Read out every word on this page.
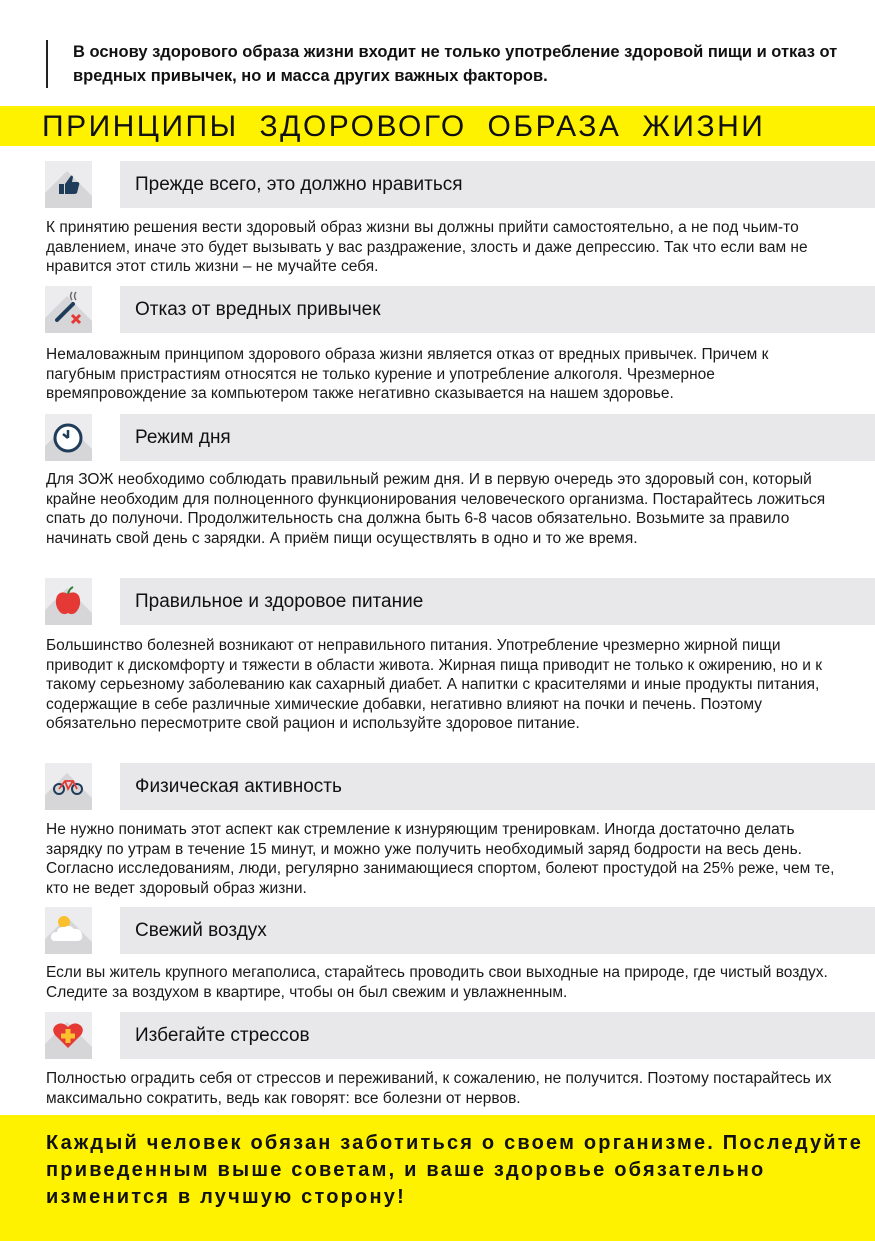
В основу здорового образа жизни входит не только употребление здоровой пищи и отказ от вредных привычек, но и масса других важных факторов.
ПРИНЦИПЫ ЗДОРОВОГО ОБРАЗА ЖИЗНИ
Прежде всего, это должно нравиться
К принятию решения вести здоровый образ жизни вы должны прийти самостоятельно, а не под чьим-то давлением, иначе это будет вызывать у вас раздражение, злость и даже депрессию. Так что если вам не нравится этот стиль жизни – не мучайте себя.
Отказ от вредных привычек
Немаловажным принципом здорового образа жизни является отказ от вредных привычек. Причем к пагубным пристрастиям относятся не только курение и употребление алкоголя. Чрезмерное времяпровождение за компьютером также негативно сказывается на нашем здоровье.
Режим дня
Для ЗОЖ необходимо соблюдать правильный режим дня. И в первую очередь это здоровый сон, который крайне необходим для полноценного функционирования человеческого организма. Постарайтесь ложиться спать до полуночи. Продолжительность сна должна быть 6-8 часов обязательно. Возьмите за правило начинать свой день с зарядки. А приём пищи осуществлять в одно и то же время.
Правильное и здоровое питание
Большинство болезней возникают от неправильного питания. Употребление чрезмерно жирной пищи приводит к дискомфорту и тяжести в области живота. Жирная пища приводит не только к ожирению, но и к такому серьезному заболеванию как сахарный диабет. А напитки с красителями и иные продукты питания, содержащие в себе различные химические добавки, негативно влияют на почки и печень. Поэтому обязательно пересмотрите свой рацион и используйте здоровое питание.
Физическая активность
Не нужно понимать этот аспект как стремление к изнуряющим тренировкам. Иногда достаточно делать зарядку по утрам в течение 15 минут, и можно уже получить необходимый заряд бодрости на весь день. Согласно исследованиям, люди, регулярно занимающиеся спортом, болеют простудой на 25% реже, чем те, кто не ведет здоровый образ жизни.
Свежий воздух
Если вы житель крупного мегаполиса, старайтесь проводить свои выходные на природе, где чистый воздух. Следите за воздухом в квартире, чтобы он был свежим и увлажненным.
Избегайте стрессов
Полностью оградить себя от стрессов и переживаний, к сожалению, не получится. Поэтому постарайтесь их максимально сократить, ведь как говорят: все болезни от нервов.
Каждый человек обязан заботиться о своем организме. Последуйте приведенным выше советам, и ваше здоровье обязательно изменится в лучшую сторону!
